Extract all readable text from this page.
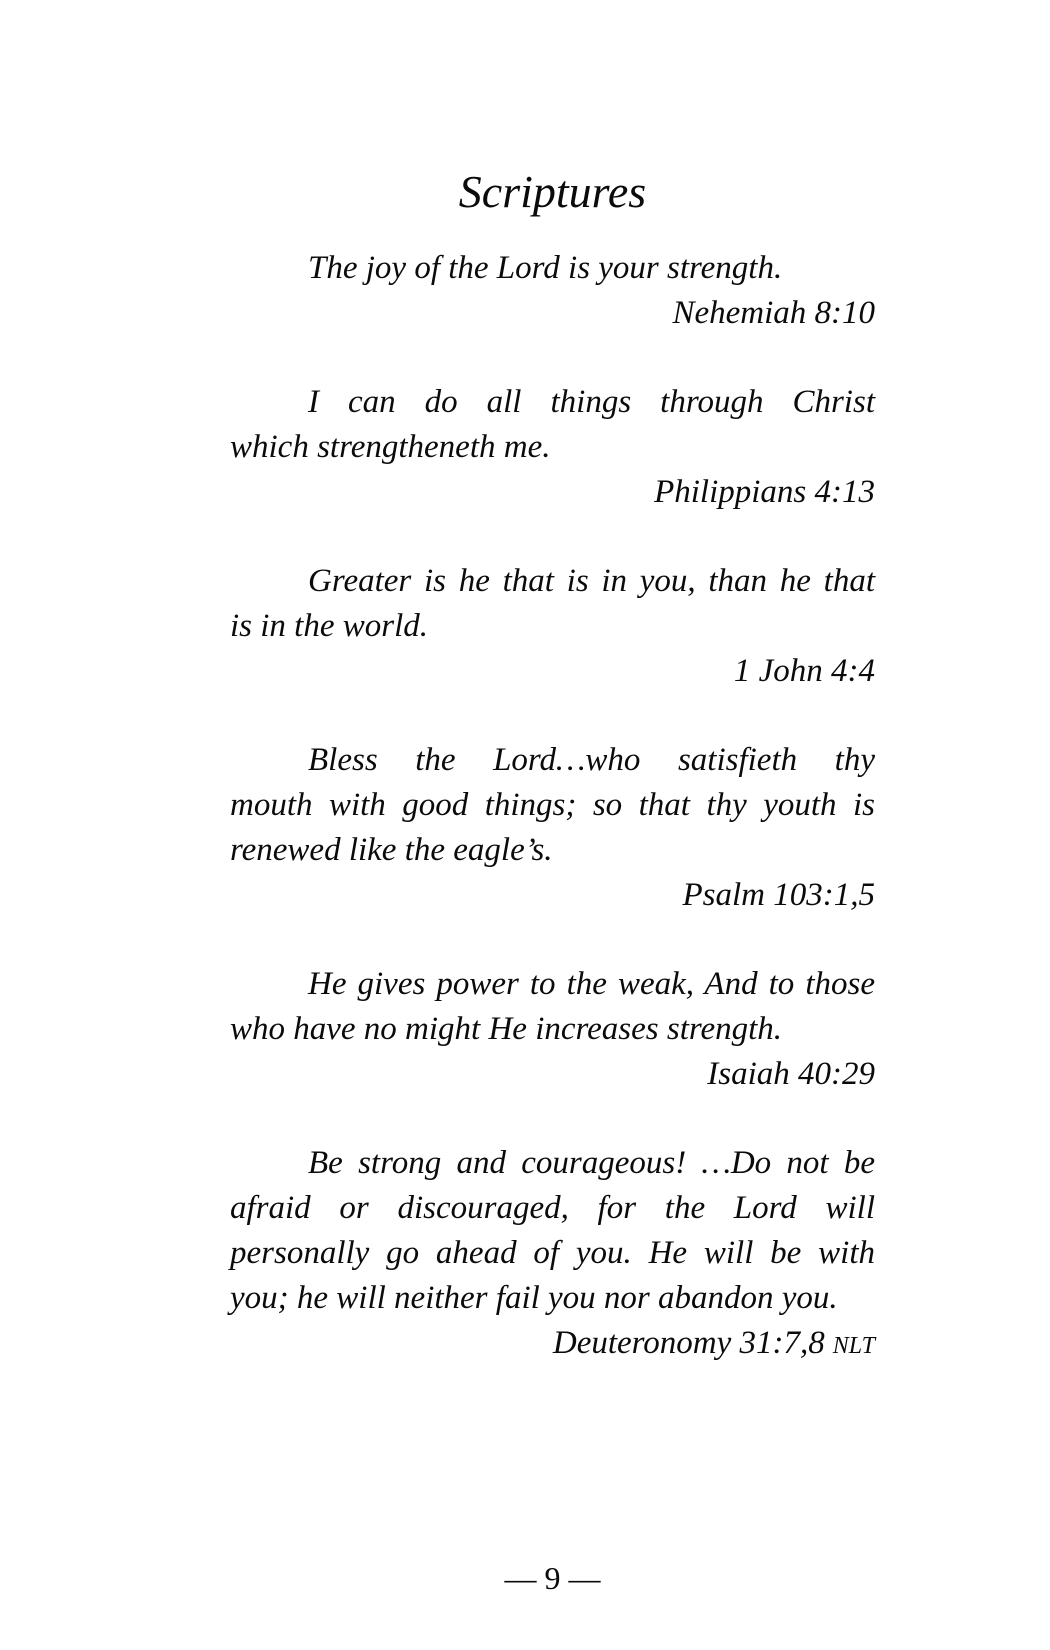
Scriptures

The joy of the Lord is your strength.

Nehemiah 8:10

I can do all things through Christ

which strengtheneth me.

Philippians 4:13

Greater is he that is in you, than he that

is in the world.

1 John 4:4

Bless the Lord…who satisfieth thy

mouth with good things; so that thy youth is

renewed like the eagle’s.

Psalm 103:1,5

He gives power to the weak, And to those

who have no might He increases strength.

Isaiah 40:29

Be strong and courageous! …Do not be

afraid or discouraged, for the Lord will

personally go ahead of you. He will be with

you; he will neither fail you nor abandon you.

Deuteronomy 31:7,8 NLT

— 9 —
